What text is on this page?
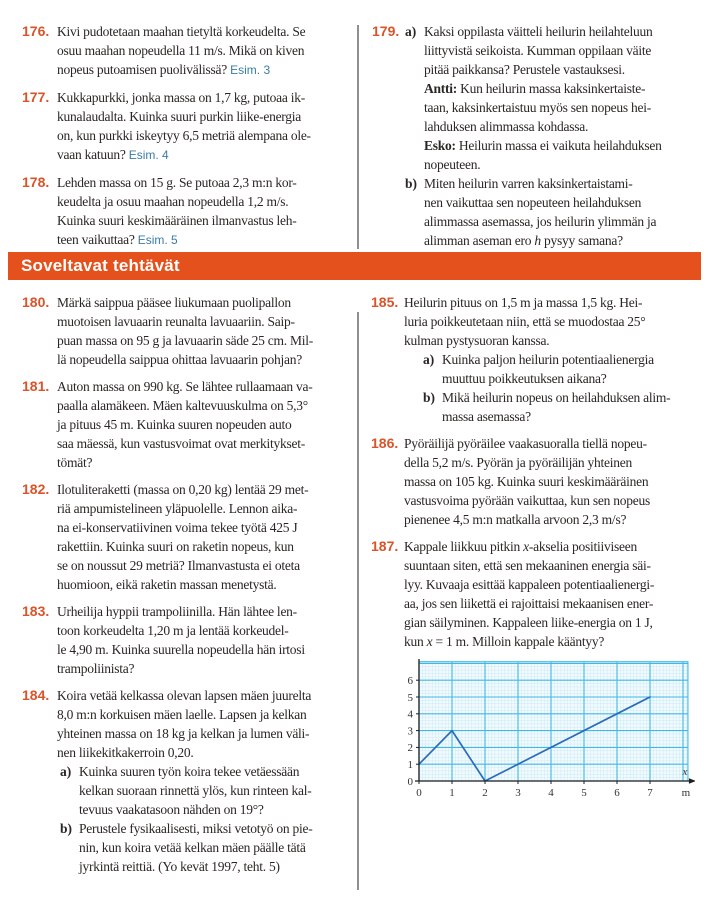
176. Kivi pudotetaan maahan tietyltä korkeudelta. Se
osuu maahan nopeudella 11 m/s. Mikä on kiven
nopeus putoamisen puolivälissä? Esim. 3
177. Kukkapurkki, jonka massa on 1,7 kg, putoaa ik-
kunalaudalta. Kuinka suuri purkin liike-energia
on, kun purkki iskeytyy 6,5 metriä alempana ole-
vaan katuun? Esim. 4
178. Lehden massa on 15 g. Se putoaa 2,3 m:n kor-
keudelta ja osuu maahan nopeudella 1,2 m/s.
Kuinka suuri keskimääräinen ilmanvastus leh-
teen vaikuttaa? Esim. 5
179. a) Kaksi oppilasta väitteli heilurin heilahteluun
liittyvistä seikoista. Kumman oppilaan väite
pitää paikkansa? Perustele vastauksesi.
Antti: Kun heilurin massa kaksinkertaiste-
taan, kaksinkertaistuu myös sen nopeus hei-
lahduksen alimmassa kohdassa.
Esko: Heilurin massa ei vaikuta heilahduksen
nopeuteen.
b) Miten heilurin varren kaksinkertaistami-
nen vaikuttaa sen nopeuteen heilahduksen
alimmassa asemassa, jos heilurin ylimmän ja
alimman aseman ero h pysyy samana?
Soveltavat tehtävät
180. Märkä saippua pääsee liukumaan puolipallon
muotoisen lavuaarin reunalta lavuaariin. Saip-
puan massa on 95 g ja lavuaarin säde 25 cm. Mil-
lä nopeudella saippua ohittaa lavuaarin pohjan?
181. Auton massa on 990 kg. Se lähtee rullaamaan va-
paalla alamäkeen. Mäen kaltevuuskulma on 5,3°
ja pituus 45 m. Kuinka suuren nopeuden auto
saa mäessä, kun vastusvoimat ovat merkitykset-
tömät?
182. Ilotuliteraketti (massa on 0,20 kg) lentää 29 met-
riä ampumistelineen yläpuolelle. Lennon aika-
na ei-konservatiivinen voima tekee työtä 425 J
rakettiin. Kuinka suuri on raketin nopeus, kun
se on noussut 29 metriä? Ilmanvastusta ei oteta
huomioon, eikä raketin massan menetystä.
183. Urheilija hyppii trampoliinilla. Hän lähtee len-
toon korkeudelta 1,20 m ja lentää korkeudel-
le 4,90 m. Kuinka suurella nopeudella hän irtosi
trampoliinista?
184. Koira vetää kelkassa olevan lapsen mäen juurelta
8,0 m:n korkuisen mäen laelle. Lapsen ja kelkan
yhteinen massa on 18 kg ja kelkan ja lumen väli-
nen liikekitkakerroin 0,20.
a) Kuinka suuren työn koira tekee vetäessään
kelkan suoraan rinnettä ylös, kun rinteen kal-
tevuus vaakatasoon nähden on 19°?
b) Perustele fysikaalisesti, miksi vetotyö on pie-
nin, kun koira vetää kelkan mäen päälle tätä
jyrkintä reittiä. (Yo kevät 1997, teht. 5)
185. Heilurin pituus on 1,5 m ja massa 1,5 kg. Hei-
luria poikkeutetaan niin, että se muodostaa 25°
kulman pystysuoran kanssa.
a) Kuinka paljon heilurin potentiaalienergia
muuttuu poikkeutuksen aikana?
b) Mikä heilurin nopeus on heilahduksen alim-
massa asemassa?
186. Pyöräilijä pyöräilee vaakasuoralla tiellä nopeu-
della 5,2 m/s. Pyörän ja pyöräilijän yhteinen
massa on 105 kg. Kuinka suuri keskimääräinen
vastusvoima pyörään vaikuttaa, kun sen nopeus
pienenee 4,5 m:n matkalla arvoon 2,3 m/s?
187. Kappale liikkuu pitkin x-akselia positiiviseen
suuntaan siten, että sen mekaaninen energia säi-
lyy. Kuvaaja esittää kappaleen potentiaalienergi-
aa, jos sen liikettä ei rajoittaisi mekaanisen ener-
gian säilyminen. Kappaleen liike-energia on 1 J,
kun x = 1 m. Milloin kappale kääntyy?
0	1	2	3	4	5	6	7
0
1
2
3
4
5
6
x
m
